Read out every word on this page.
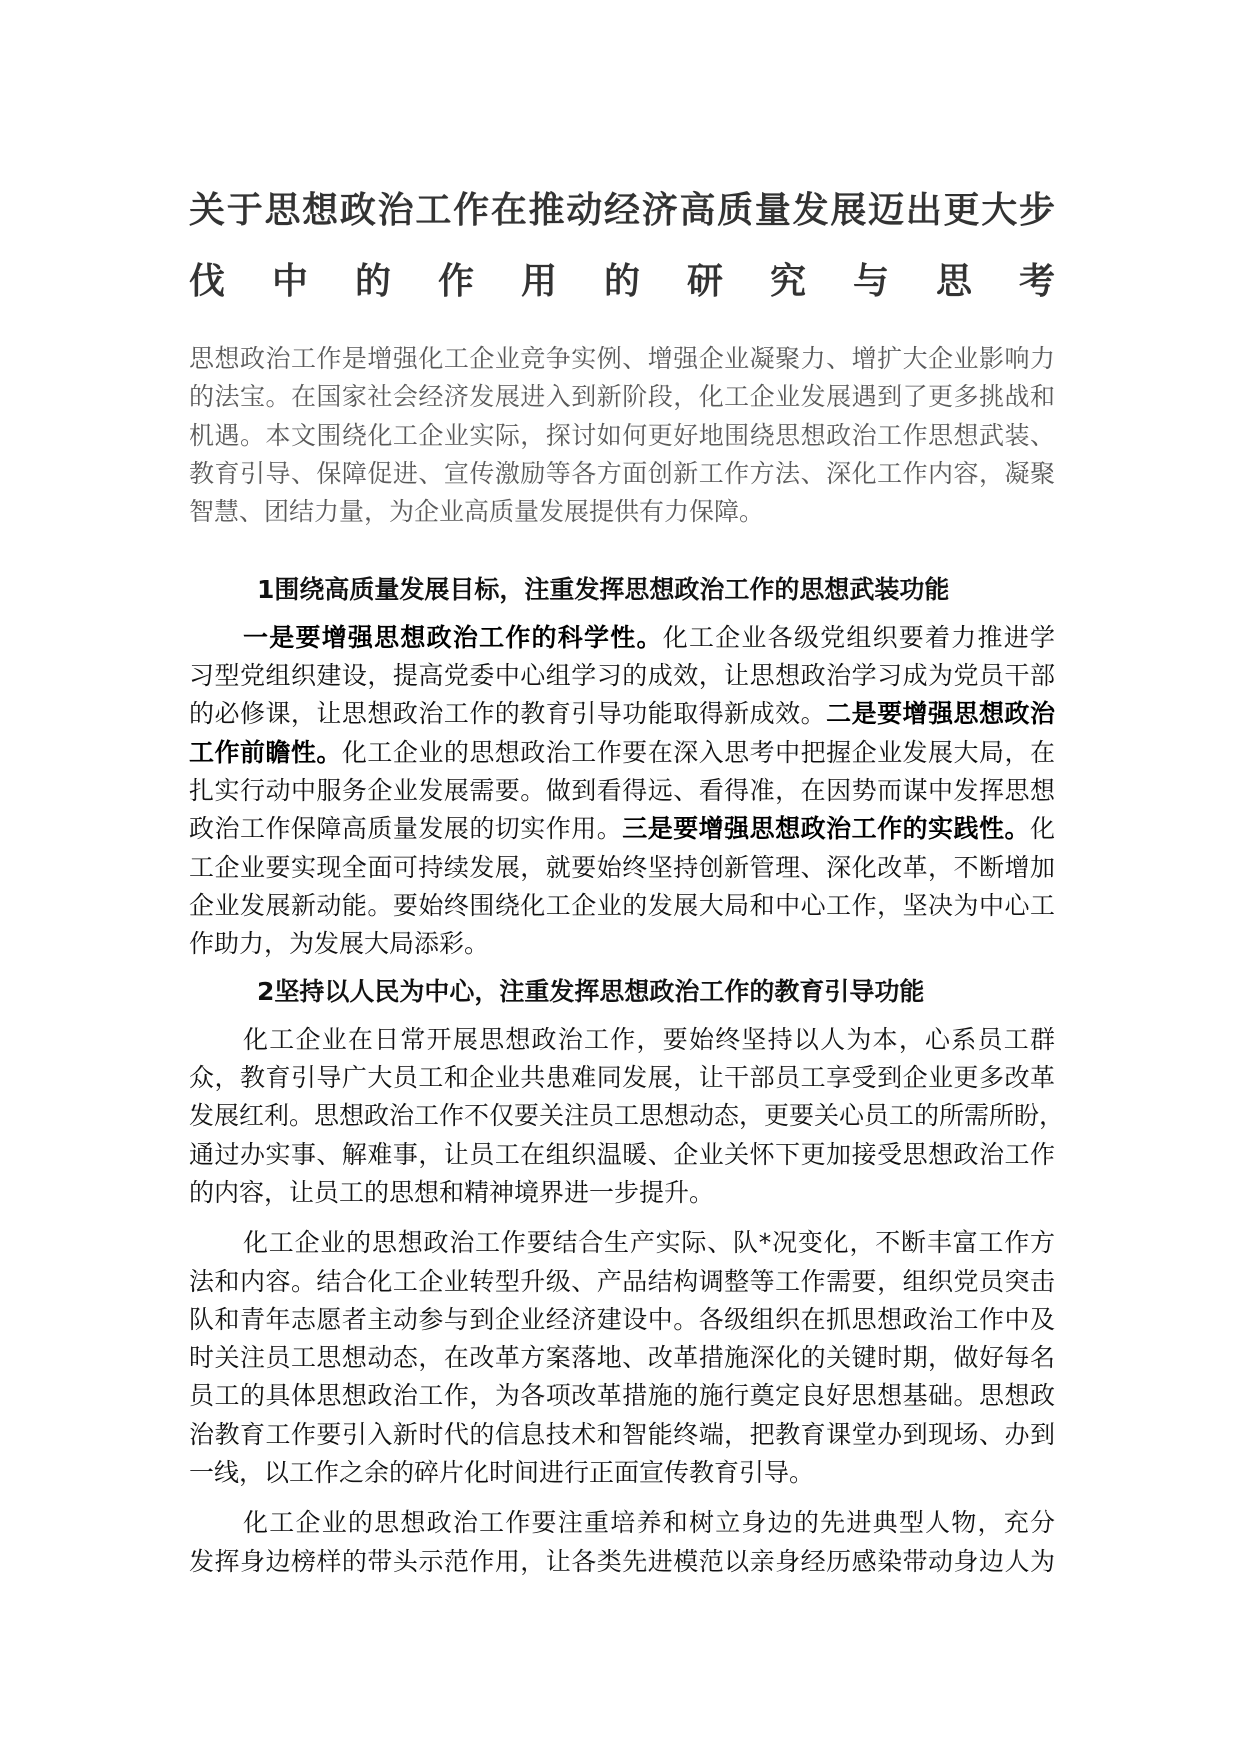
关于思想政治工作在推动经济高质量发展迈出更大步
伐中的作用的研究与思考
思想政治工作是增强化工企业竞争实例、增强企业凝聚力、增扩大企业影响力
的法宝。在国家社会经济发展进入到新阶段，化工企业发展遇到了更多挑战和
机遇。本文围绕化工企业实际，探讨如何更好地围绕思想政治工作思想武装、
教育引导、保障促进、宣传激励等各方面创新工作方法、深化工作内容，凝聚
智慧、团结力量，为企业高质量发展提供有力保障。
1围绕高质量发展目标，注重发挥思想政治工作的思想武装功能
一是要增强思想政治工作的科学性。化工企业各级党组织要着力推进学
习型党组织建设，提高党委中心组学习的成效，让思想政治学习成为党员干部
的必修课，让思想政治工作的教育引导功能取得新成效。二是要增强思想政治
工作前瞻性。化工企业的思想政治工作要在深入思考中把握企业发展大局，在
扎实行动中服务企业发展需要。做到看得远、看得准，在因势而谋中发挥思想
政治工作保障高质量发展的切实作用。三是要增强思想政治工作的实践性。化
工企业要实现全面可持续发展，就要始终坚持创新管理、深化改革，不断增加
企业发展新动能。要始终围绕化工企业的发展大局和中心工作，坚决为中心工
作助力，为发展大局添彩。
2坚持以人民为中心，注重发挥思想政治工作的教育引导功能
化工企业在日常开展思想政治工作，要始终坚持以人为本，心系员工群
众，教育引导广大员工和企业共患难同发展，让干部员工享受到企业更多改革
发展红利。思想政治工作不仅要关注员工思想动态，更要关心员工的所需所盼，
通过办实事、解难事，让员工在组织温暖、企业关怀下更加接受思想政治工作
的内容，让员工的思想和精神境界进一步提升。
化工企业的思想政治工作要结合生产实际、队*况变化，不断丰富工作方
法和内容。结合化工企业转型升级、产品结构调整等工作需要，组织党员突击
队和青年志愿者主动参与到企业经济建设中。各级组织在抓思想政治工作中及
时关注员工思想动态，在改革方案落地、改革措施深化的关键时期，做好每名
员工的具体思想政治工作，为各项改革措施的施行奠定良好思想基础。思想政
治教育工作要引入新时代的信息技术和智能终端，把教育课堂办到现场、办到
一线，以工作之余的碎片化时间进行正面宣传教育引导。
化工企业的思想政治工作要注重培养和树立身边的先进典型人物，充分
发挥身边榜样的带头示范作用，让各类先进模范以亲身经历感染带动身边人为
